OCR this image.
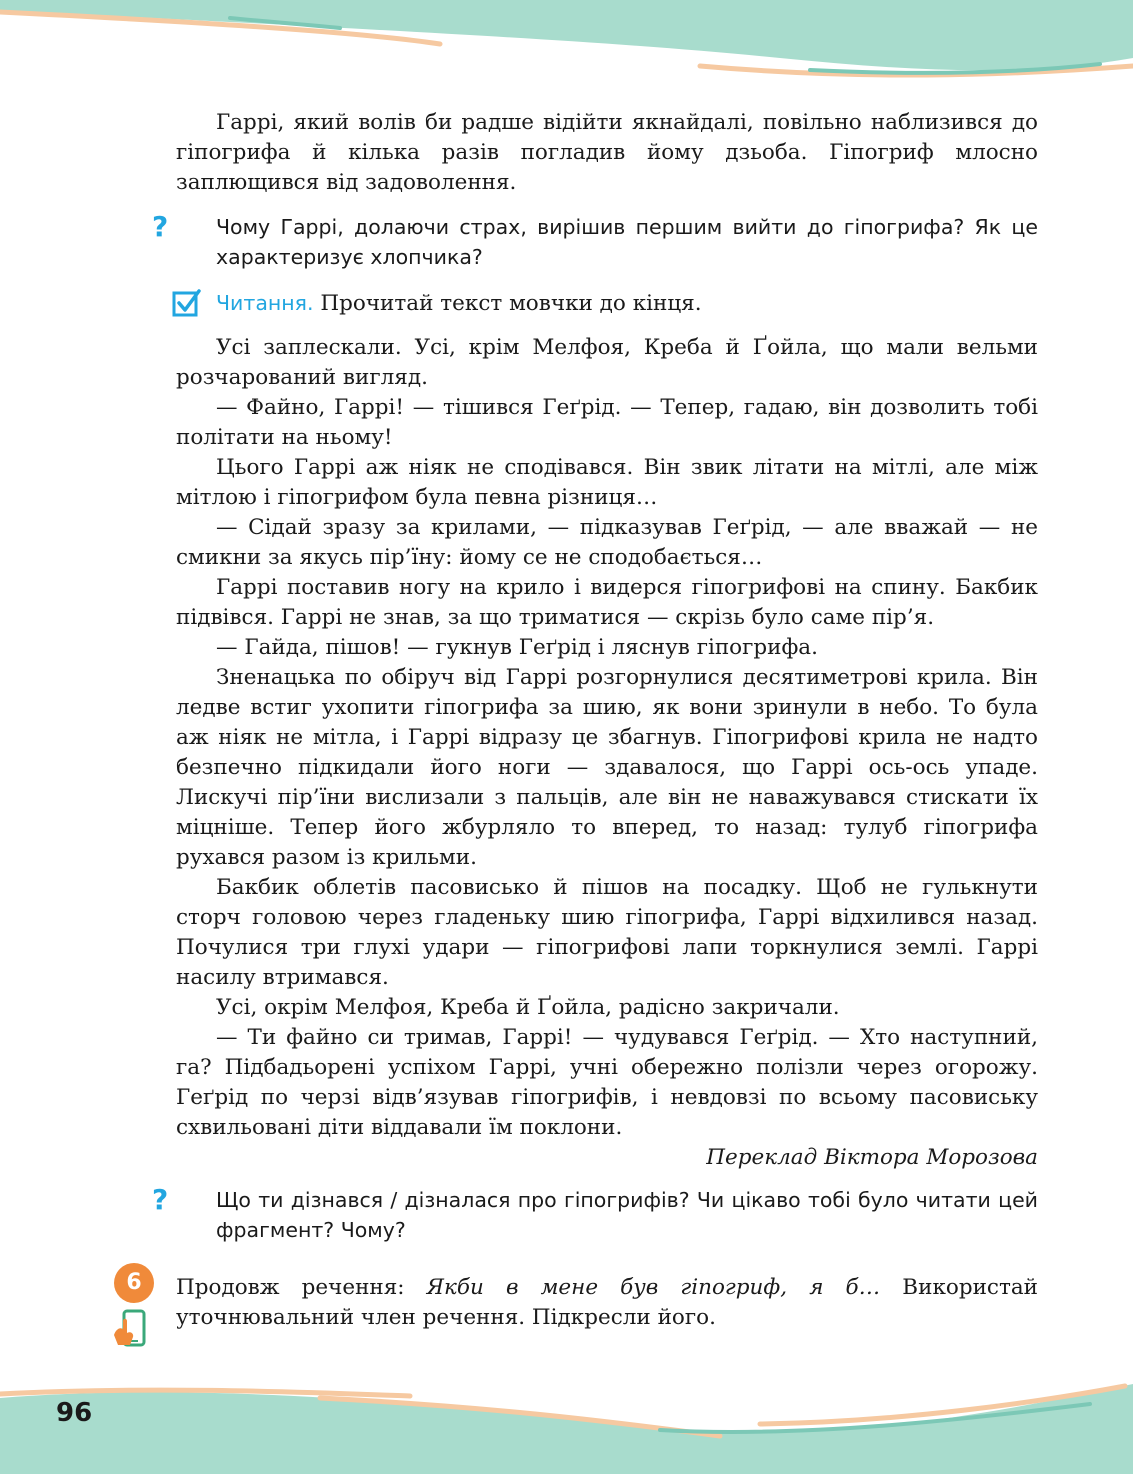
96

Гаррі, який волів би радше відійти якнайдалі, повільно наблизився до гіпогрифа й кілька разів погладив йому дзьоба. Гіпогриф млосно заплющився від задоволення.

? Чому Гаррі, долаючи страх, вирішив першим вийти до гіпогрифа? Як це характеризує хлопчика?

Читання. Прочитай текст мовчки до кінця.

Усі заплескали. Усі, крім Мелфоя, Креба й Ґойла, що мали вельми розчарований вигляд.

— Файно, Гаррі! — тішився Геґрід. — Тепер, гадаю, він дозволить тобі політати на ньому!

Цього Гаррі аж ніяк не сподівався. Він звик літати на мітлі, але між мітлою і гіпогрифом була певна різниця…

— Сідай зразу за крилами, — підказував Геґрід, — але вважай — не смикни за якусь пір’їну: йому се не сподобається…

Гаррі поставив ногу на крило і видерся гіпогрифові на спину. Бакбик підвівся. Гаррі не знав, за що триматися — скрізь було саме пір’я.

— Гайда, пішов! — гукнув Геґрід і ляснув гіпогрифа.

Зненацька по обіруч від Гаррі розгорнулися десятиметрові крила. Він ледве встиг ухопити гіпогрифа за шию, як вони зринули в небо. То була аж ніяк не мітла, і Гаррі відразу це збагнув. Гіпогрифові крила не надто безпечно підкидали його ноги — здавалося, що Гаррі ось-ось упаде. Лискучі пір’їни вислизали з пальців, але він не наважувався стискати їх міцніше. Тепер його жбурляло то вперед, то назад: тулуб гіпогрифа рухався разом із крильми.

Бакбик облетів пасовисько й пішов на посадку. Щоб не гулькнути сторч головою через гладеньку шию гіпогрифа, Гаррі відхилився назад. Почулися три глухі удари — гіпогрифові лапи торкнулися землі. Гаррі насилу втримався.

Усі, окрім Мелфоя, Креба й Ґойла, радісно закричали.

— Ти файно си тримав, Гаррі! — чудувався Геґрід. — Хто наступний, га? Підбадьорені успіхом Гаррі, учні обережно полізли через огорожу. Геґрід по черзі відв’язував гіпогрифів, і невдовзі по всьому пасовиську схвильовані діти віддавали їм поклони.

Переклад Віктора Морозова

? Що ти дізнався / дізналася про гіпогрифів? Чи цікаво тобі було читати цей фрагмент? Чому?

6	Продовж речення: Якби в мене був гіпогриф, я б… Використай уточнювальний член речення. Підкресли його.
